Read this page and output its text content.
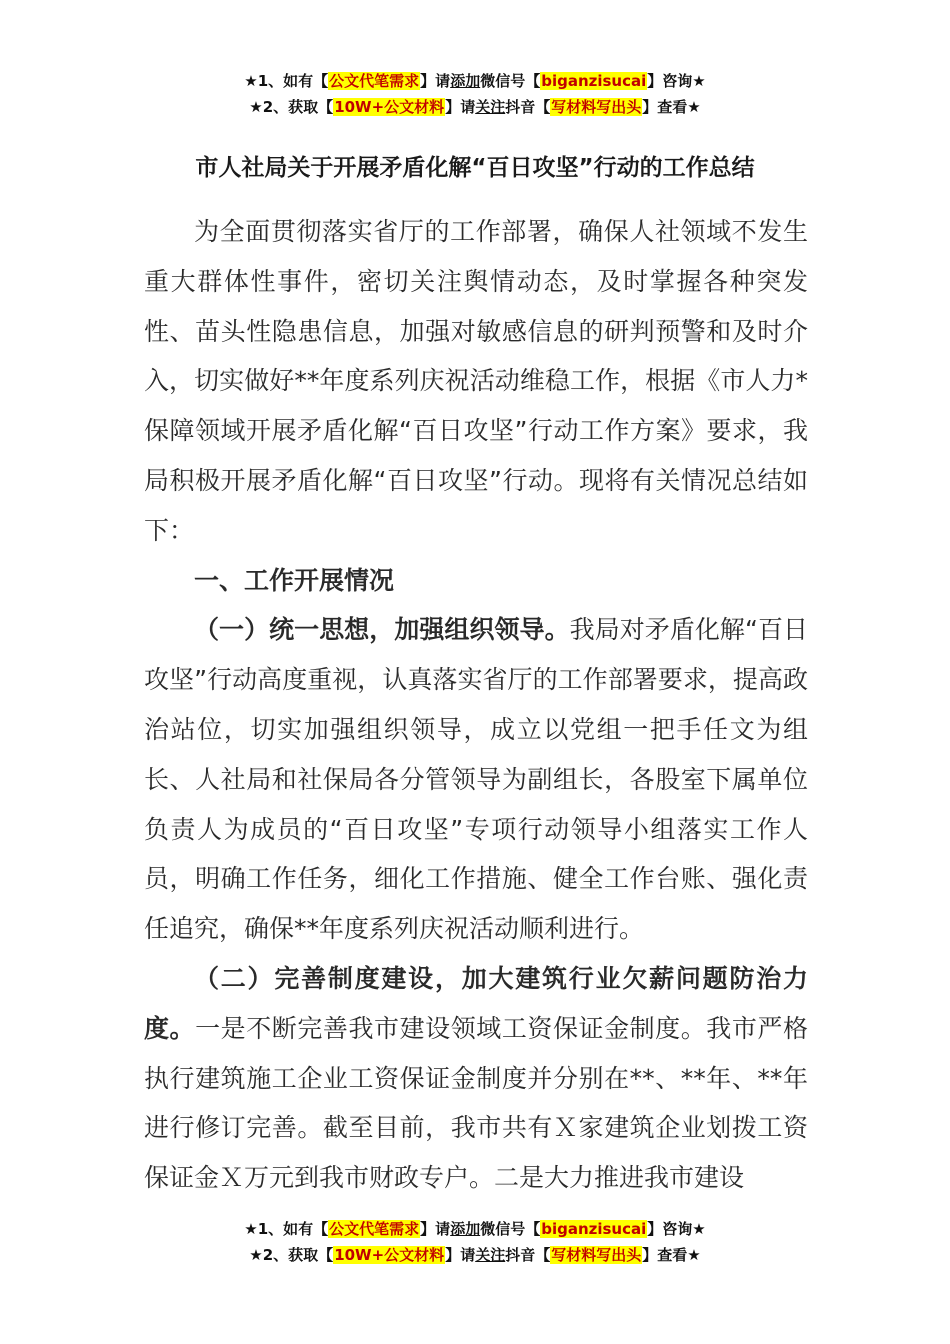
★1、如有【公文代笔需求】请添加微信号【biganzisucai】咨询★
★2、获取【10W+公文材料】请关注抖音【写材料写出头】查看★
市人社局关于开展矛盾化解“百日攻坚”行动的工作总结

为全面贯彻落实省厅的工作部署，确保人社领域不发生重大群体性事件，密切关注舆情动态，及时掌握各种突发性、苗头性隐患信息，加强对敏感信息的研判预警和及时介入，切实做好**年度系列庆祝活动维稳工作，根据《市人力*保障领域开展矛盾化解“百日攻坚”行动工作方案》要求，我局积极开展矛盾化解“百日攻坚”行动。现将有关情况总结如下：

一、工作开展情况

（一）统一思想，加强组织领导。我局对矛盾化解“百日攻坚”行动高度重视，认真落实省厅的工作部署要求，提高政治站位，切实加强组织领导，成立以党组一把手任文为组长、人社局和社保局各分管领导为副组长，各股室下属单位负责人为成员的“百日攻坚”专项行动领导小组落实工作人员，明确工作任务，细化工作措施、健全工作台账、强化责任追究，确保**年度系列庆祝活动顺利进行。

（二）完善制度建设，加大建筑行业欠薪问题防治力度。一是不断完善我市建设领域工资保证金制度。我市严格执行建筑施工企业工资保证金制度并分别在**、**年、**年进行修订完善。截至目前，我市共有Ｘ家建筑企业划拨工资保证金Ｘ万元到我市财政专户。二是大力推进我市建设

★1、如有【公文代笔需求】请添加微信号【biganzisucai】咨询★
★2、获取【10W+公文材料】请关注抖音【写材料写出头】查看★
